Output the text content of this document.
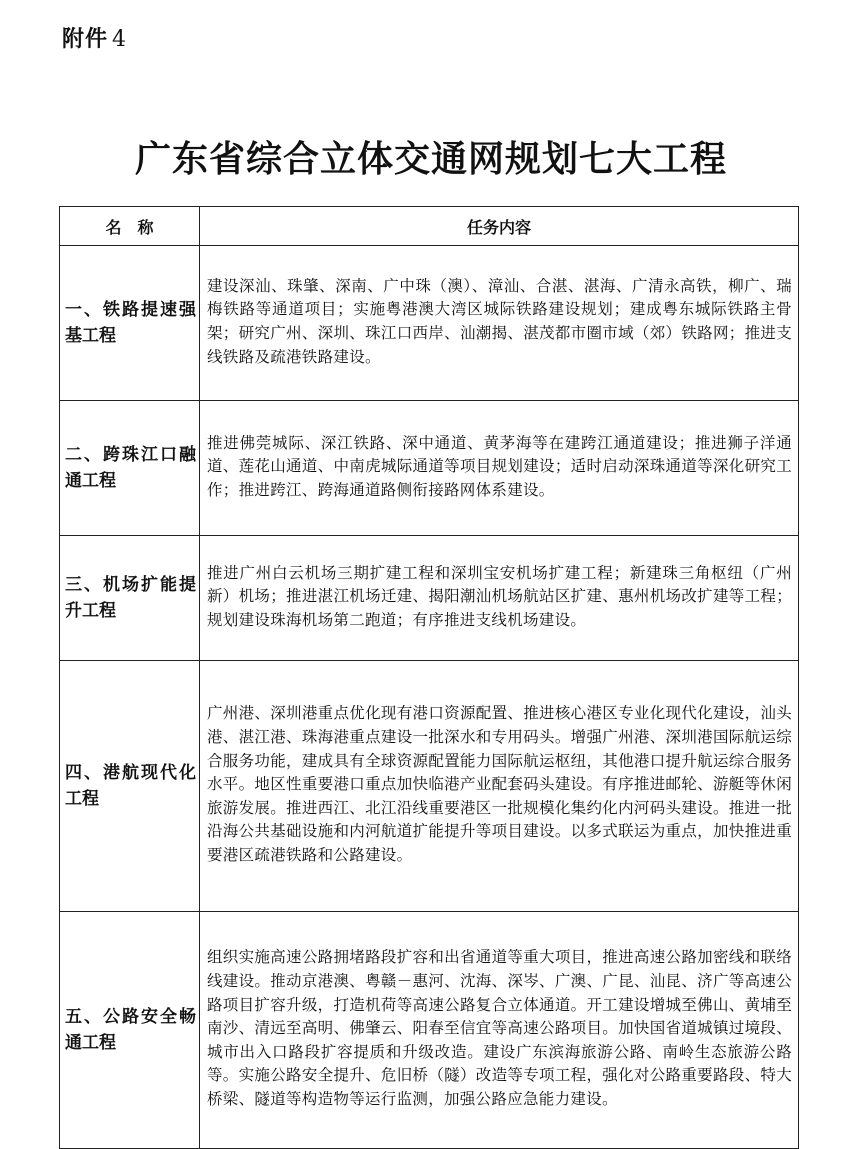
附件 4
广东省综合立体交通网规划七大工程
名　称	任务内容
一、铁路提速强基工程	建设深汕、珠肇、深南、广中珠（澳）、漳汕、合湛、湛海、广清永高铁，柳广、瑞梅铁路等通道项目；实施粤港澳大湾区城际铁路建设规划；建成粤东城际铁路主骨架；研究广州、深圳、珠江口西岸、汕潮揭、湛茂都市圈市域（郊）铁路网；推进支线铁路及疏港铁路建设。
二、跨珠江口融通工程	推进佛莞城际、深江铁路、深中通道、黄茅海等在建跨江通道建设；推进狮子洋通道、莲花山通道、中南虎城际通道等项目规划建设；适时启动深珠通道等深化研究工作；推进跨江、跨海通道路侧衔接路网体系建设。
三、机场扩能提升工程	推进广州白云机场三期扩建工程和深圳宝安机场扩建工程；新建珠三角枢纽（广州新）机场；推进湛江机场迁建、揭阳潮汕机场航站区扩建、惠州机场改扩建等工程；规划建设珠海机场第二跑道；有序推进支线机场建设。
四、港航现代化工程	广州港、深圳港重点优化现有港口资源配置、推进核心港区专业化现代化建设，汕头港、湛江港、珠海港重点建设一批深水和专用码头。增强广州港、深圳港国际航运综合服务功能，建成具有全球资源配置能力国际航运枢纽，其他港口提升航运综合服务水平。地区性重要港口重点加快临港产业配套码头建设。有序推进邮轮、游艇等休闲旅游发展。推进西江、北江沿线重要港区一批规模化集约化内河码头建设。推进一批沿海公共基础设施和内河航道扩能提升等项目建设。以多式联运为重点，加快推进重要港区疏港铁路和公路建设。
五、公路安全畅通工程	组织实施高速公路拥堵路段扩容和出省通道等重大项目，推进高速公路加密线和联络线建设。推动京港澳、粤赣－惠河、沈海、深岑、广澳、广昆、汕昆、济广等高速公路项目扩容升级，打造机荷等高速公路复合立体通道。开工建设增城至佛山、黄埔至南沙、清远至高明、佛肇云、阳春至信宜等高速公路项目。加快国省道城镇过境段、城市出入口路段扩容提质和升级改造。建设广东滨海旅游公路、南岭生态旅游公路等。实施公路安全提升、危旧桥（隧）改造等专项工程，强化对公路重要路段、特大桥梁、隧道等构造物等运行监测，加强公路应急能力建设。
